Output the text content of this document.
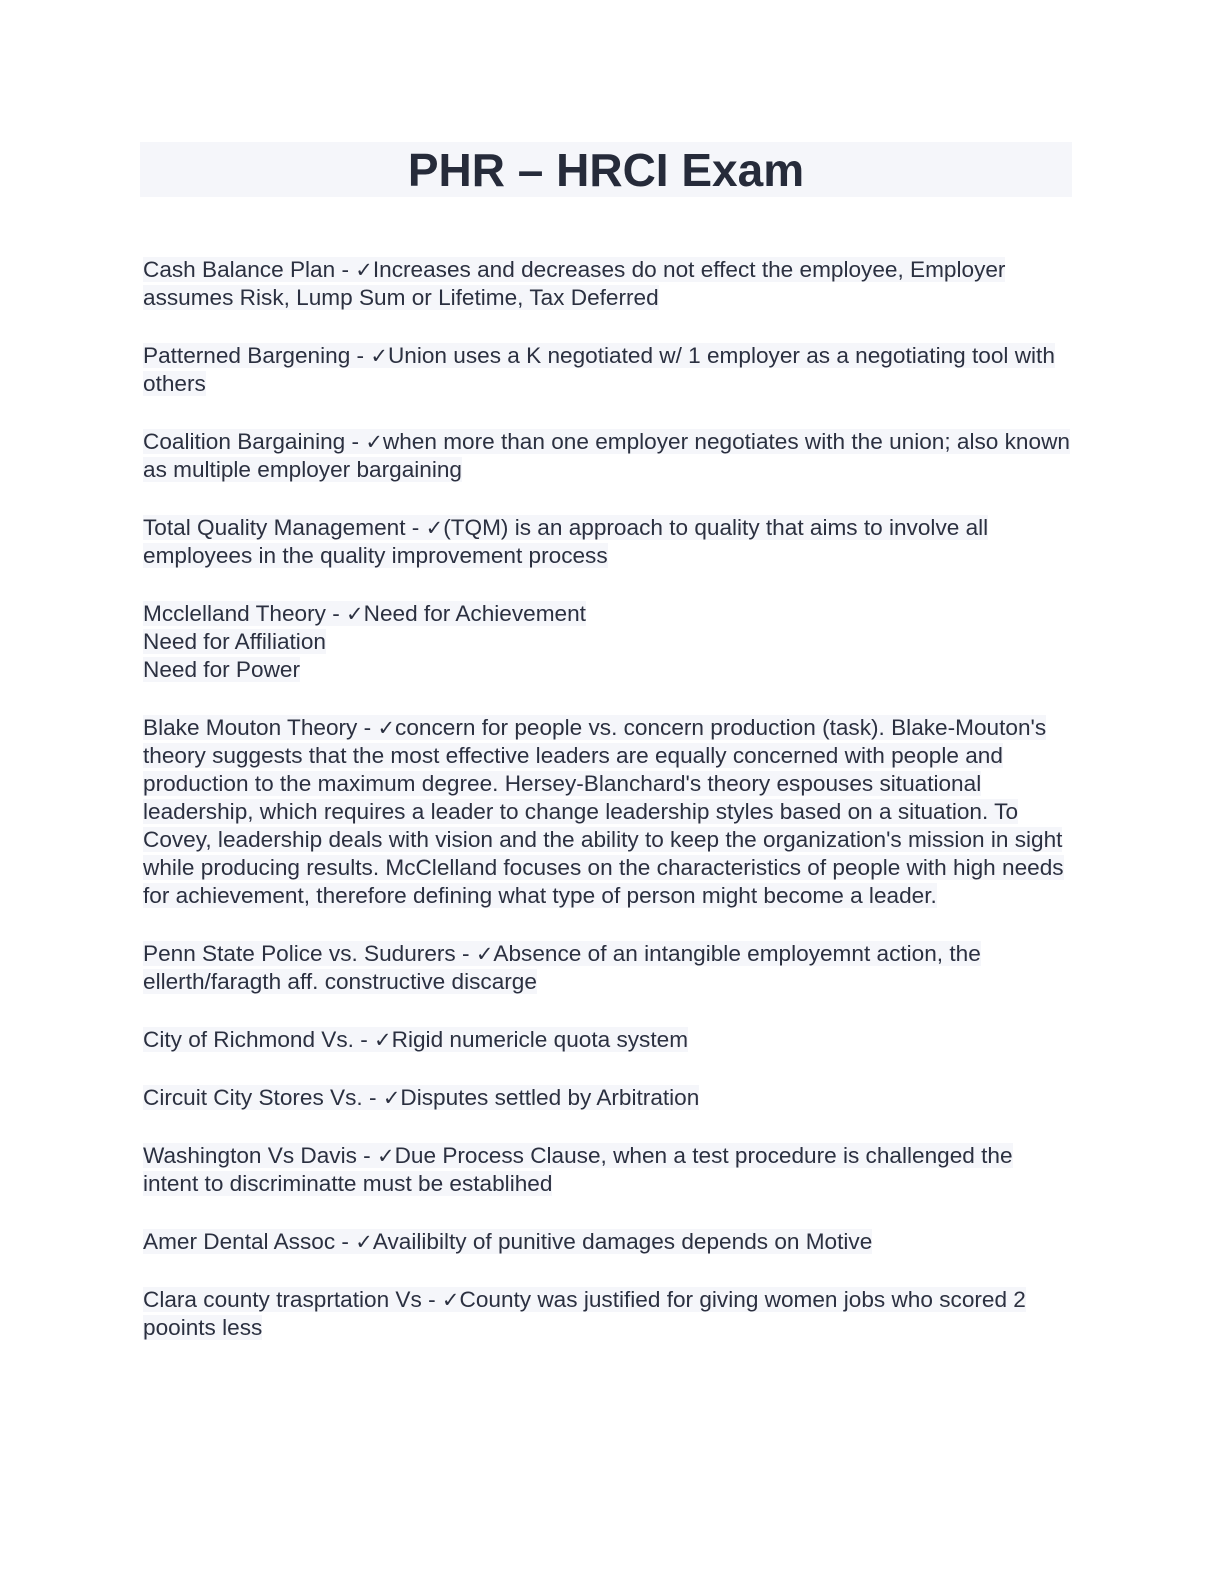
PHR – HRCI Exam

Cash Balance Plan - ✓Increases and decreases do not effect the employee, Employer assumes Risk, Lump Sum or Lifetime, Tax Deferred

Patterned Bargening - ✓Union uses a K negotiated w/ 1 employer as a negotiating tool with others

Coalition Bargaining - ✓when more than one employer negotiates with the union; also known as multiple employer bargaining

Total Quality Management - ✓(TQM) is an approach to quality that aims to involve all employees in the quality improvement process

Mcclelland Theory - ✓Need for Achievement
Need for Affiliation
Need for Power

Blake Mouton Theory - ✓concern for people vs. concern production (task). Blake-Mouton's theory suggests that the most effective leaders are equally concerned with people and production to the maximum degree. Hersey-Blanchard's theory espouses situational leadership, which requires a leader to change leadership styles based on a situation. To Covey, leadership deals with vision and the ability to keep the organization's mission in sight while producing results. McClelland focuses on the characteristics of people with high needs for achievement, therefore defining what type of person might become a leader.

Penn State Police vs. Sudurers - ✓Absence of an intangible employemnt action, the ellerth/faragth aff. constructive discarge

City of Richmond Vs. - ✓Rigid numericle quota system

Circuit City Stores Vs. - ✓Disputes settled by Arbitration

Washington Vs Davis - ✓Due Process Clause, when a test procedure is challenged the intent to discriminatte must be establihed

Amer Dental Assoc - ✓Availibilty of punitive damages depends on Motive

Clara county trasprtation Vs - ✓County was justified for giving women jobs who scored 2 pooints less
